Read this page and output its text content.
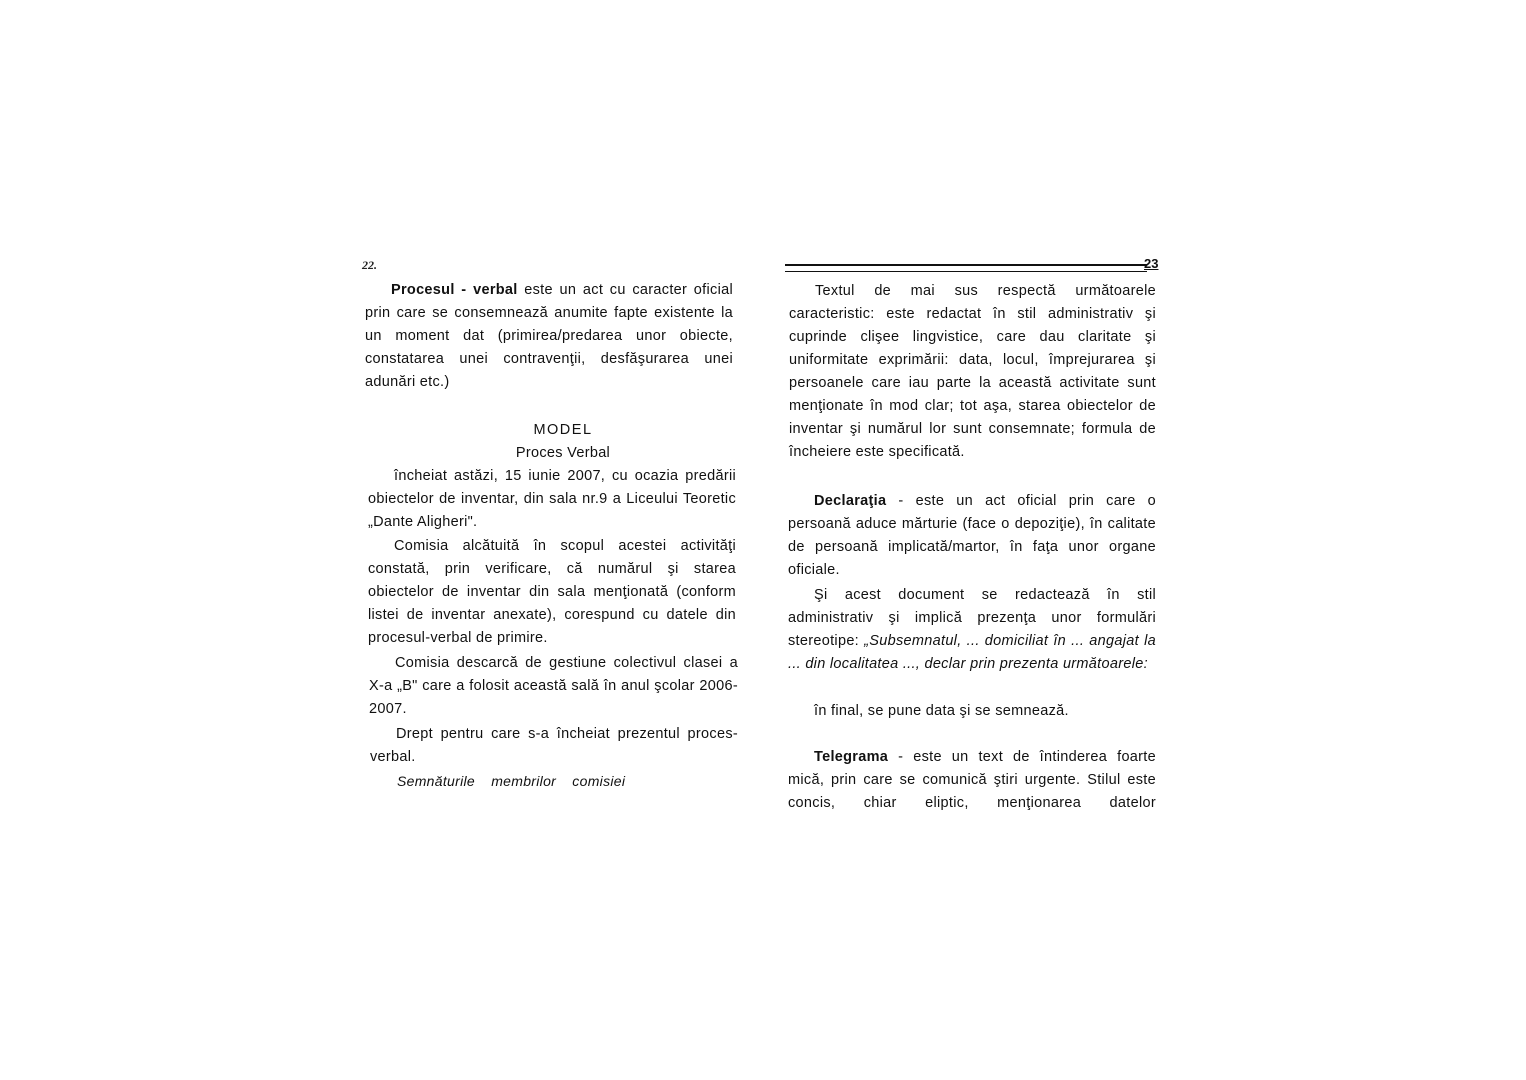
22.
Procesul - verbal este un act cu caracter oficial prin care se consemnează anumite fapte existente la un moment dat (primirea/predarea unor obiecte, constatarea unei contravenţii, desfăşurarea unei adunări etc.)
MODEL
Proces Verbal
încheiat astăzi, 15 iunie 2007, cu ocazia predării obiectelor de inventar, din sala nr.9 a Liceului Teoretic „Dante Aligheri".
Comisia alcătuită în scopul acestei activităţi constată, prin verificare, că numărul şi starea obiectelor de inventar din sala menţionată (conform listei de inventar anexate), corespund cu datele din procesul-verbal de primire.
Comisia descarcă de gestiune colectivul clasei a X-a „B" care a folosit această sală în anul şcolar 2006-2007.
Drept pentru care s-a încheiat prezentul proces-verbal.
Semnăturile membrilor comisiei
23
Textul de mai sus respectă următoarele caracteristic: este redactat în stil administrativ şi cuprinde clişee lingvistice, care dau claritate şi uniformitate exprimării: data, locul, împrejurarea şi persoanele care iau parte la această activitate sunt menţionate în mod clar; tot aşa, starea obiectelor de inventar şi numărul lor sunt consemnate; formula de încheiere este specificată.
Declaraţia - este un act oficial prin care o persoană aduce mărturie (face o depoziţie), în calitate de persoană implicată/martor, în faţa unor organe oficiale.
Şi acest document se redactează în stil administrativ şi implică prezenţa unor formulări stereotipe: „Subsemnatul, ... domiciliat în ... angajat la ... din localitatea ..., declar prin prezenta următoarele:
în final, se pune data şi se semnează.
Telegrama - este un text de întinderea foarte mică, prin care se comunică ştiri urgente. Stilul este concis, chiar eliptic, menţionarea datelor
